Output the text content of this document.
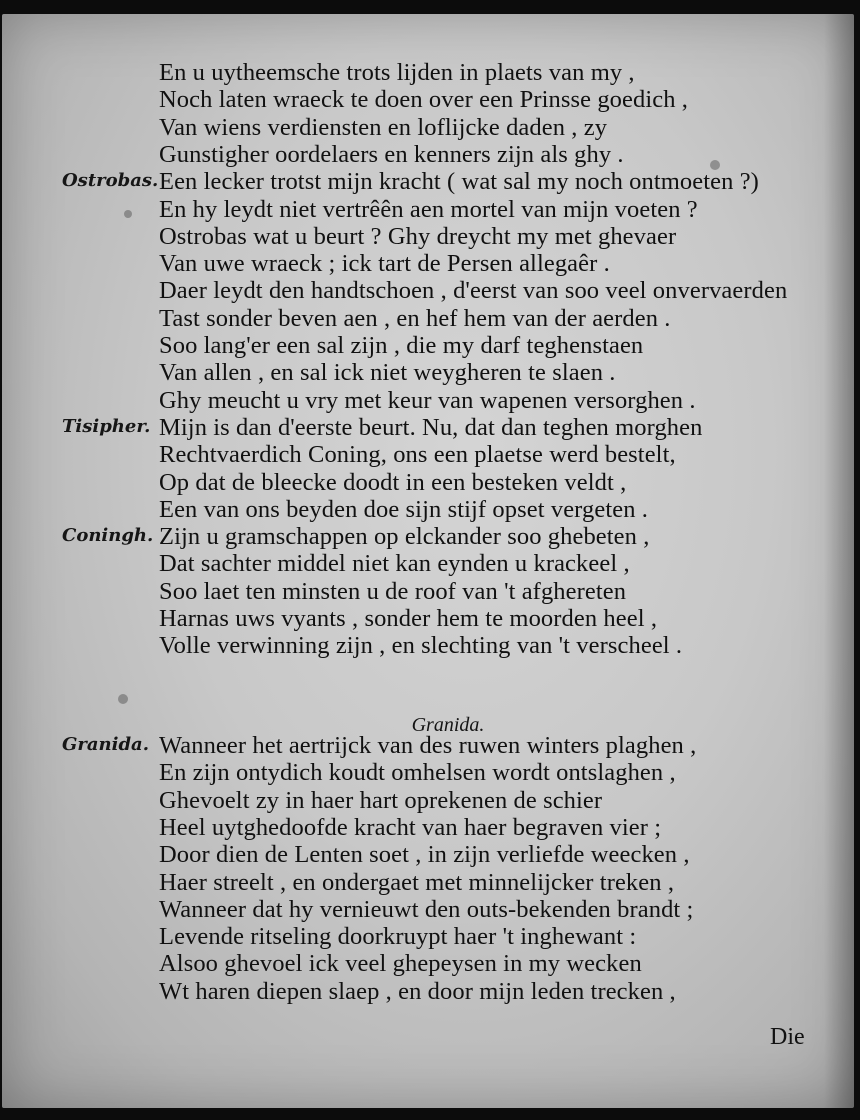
En u uytheemsche trots lijden in plaets van my ,
Noch laten wraeck te doen over een Prinsse goedich ,
Van wiens verdiensten en loflijcke daden , zy
Gunstigher oordelaers en kenners zijn als ghy .
Ostrobas. Een lecker trotst mijn kracht ( wat sal my noch ontmoeten ?)
En hy leydt niet vertrêên aen mortel van mijn voeten ?
Ostrobas wat u beurt ? Ghy dreycht my met ghevaer
Van uwe wraeck ; ick tart de Persen allegaêr .
Daer leydt den handtschoen , d'eerst van soo veel onvervaerden
Tast sonder beven aen , en hef hem van der aerden .
Soo lang'er een sal zijn , die my darf teghenstaen
Van allen , en sal ick niet weygheren te slaen .
Ghy meucht u vry met keur van wapenen versorghen .
Tisipher. Mijn is dan d'eerste beurt. Nu, dat dan teghen morghen
Rechtvaerdich Coning, ons een plaetse werd bestelt,
Op dat de bleecke doodt in een besteken veldt ,
Een van ons beyden doe sijn stijf opset vergeten .
Coningh. Zijn u gramschappen op elckander soo ghebeten ,
Dat sachter middel niet kan eynden u krackeel ,
Soo laet ten minsten u de roof van 't afghereten
Harnas uws vyants , sonder hem te moorden heel ,
Volle verwinning zijn , en slechting van 't verscheel .
Granida.
Granida. Wanneer het aertrijck van des ruwen winters plaghen ,
En zijn ontydich koudt omhelsen wordt ontslaghen ,
Ghevoelt zy in haer hart oprekenen de schier
Heel uytghedoofde kracht van haer begraven vier ;
Door dien de Lenten soet , in zijn verliefde weecken ,
Haer streelt , en ondergaet met minnelijcker treken ,
Wanneer dat hy vernieuwt den outs-bekenden brandt ;
Levende ritseling doorkruypt haer 't inghewant :
Alsoo ghevoel ick veel ghepeysen in my wecken
Wt haren diepen slaep , en door mijn leden trecken ,
Die
